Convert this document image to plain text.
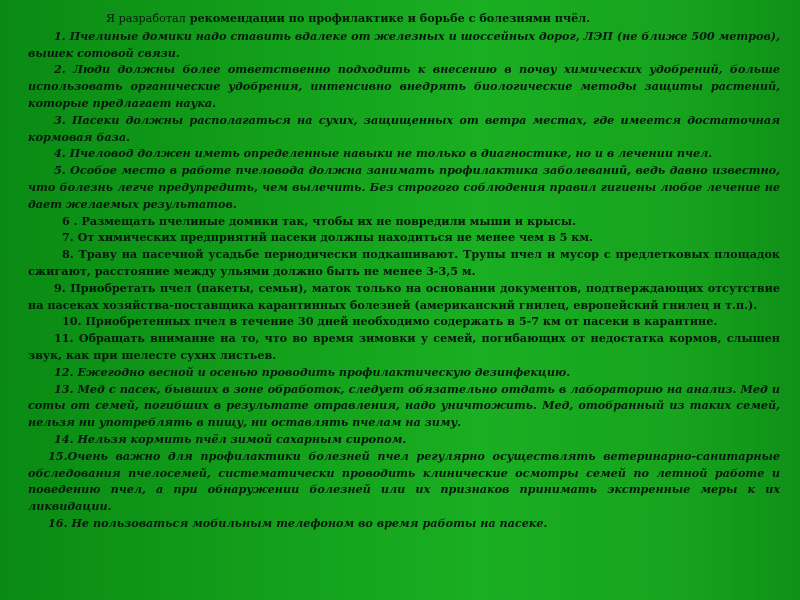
Я разработал рекомендации по профилактике и борьбе с болезнями пчёл.

1. Пчелиные домики надо ставить вдалеке от железных и шоссейных дорог, ЛЭП (не ближе 500 метров), вышек сотовой связи.

2. Люди должны более ответственно подходить к внесению в почву химических удобрений, больше использовать органические удобрения, интенсивно внедрять биологические методы защиты растений, которые предлагает наука.

3. Пасеки должны располагаться на сухих, защищенных от ветра местах, где имеется достаточная кормовая база.

4. Пчеловод должен иметь определенные навыки не только в диагностике, но и в лечении пчел.

5. Особое место в работе пчеловода должна занимать профилактика заболеваний, ведь давно известно, что болезнь легче предупредить, чем вылечить. Без строгого соблюдения правил гигиены любое лечение не дает желаемых результатов.

6 . Размещать пчелиные домики так, чтобы их не повредили мыши и крысы.

7. От химических предприятий пасеки должны находиться не менее чем в 5 км.

8. Траву на пасечной усадьбе периодически подкашивают. Трупы пчел и мусор с предлетковых площадок сжигают, расстояние между ульями должно быть не менее 3-3,5 м.

9. Приобретать пчел (пакеты, семьи), маток только на основании документов, подтверждающих отсутствие на пасеках хозяйства-поставщика карантинных болезней (американский гнилец, европейский гнилец и т.п.).

10. Приобретенных пчел в течение 30 дней необходимо содержать в 5-7 км от пасеки в карантине.

11. Обращать внимание на то, что во время зимовки у семей, погибающих от недостатка кормов, слышен звук, как при шелесте сухих листьев.

12. Ежегодно весной и осенью проводить профилактическую дезинфекцию.

13. Мед с пасек, бывших в зоне обработок, следует обязательно отдать в лабораторию на анализ. Мед и соты от семей, погибших в результате отравления, надо уничтожить. Мед, отобранный из таких семей, нельзя ни употреблять в пищу, ни оставлять пчелам на зиму.

14. Нельзя кормить пчёл зимой сахарным сиропом.

15.Очень важно для профилактики болезней пчел регулярно осуществлять ветеринарно-санитарные обследования пчелосемей, систематически проводить клинические осмотры семей по летной работе и поведению пчел, а при обнаружении болезней или их признаков принимать экстренные меры к их ликвидации.

16. Не пользоваться мобильным телефоном во время работы на пасеке.
